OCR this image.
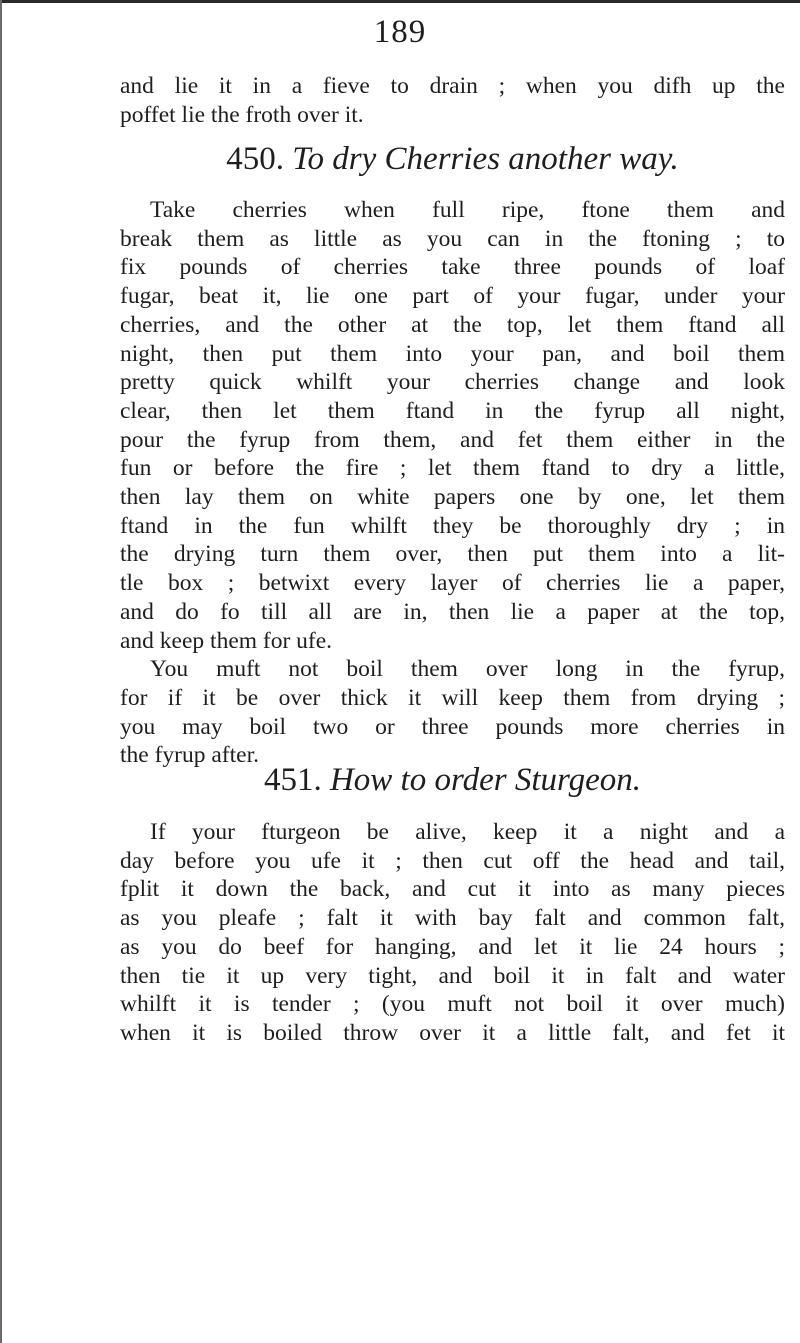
189
and lie it in a fieve to drain ; when you difh up the
poffet lie the froth over it.
450. To dry Cherries another way.
Take cherries when full ripe, ftone them and
break them as little as you can in the ftoning ; to
fix pounds of cherries take three pounds of loaf
fugar, beat it, lie one part of your fugar, under your
cherries, and the other at the top, let them ftand all
night, then put them into your pan, and boil them
pretty quick whilft your cherries change and look
clear, then let them ftand in the fyrup all night,
pour the fyrup from them, and fet them either in the
fun or before the fire ; let them ftand to dry a little,
then lay them on white papers one by one, let them
ftand in the fun whilft they be thoroughly dry ; in
the drying turn them over, then put them into a lit-
tle box ; betwixt every layer of cherries lie a paper,
and do fo till all are in, then lie a paper at the top,
and keep them for ufe.
You muft not boil them over long in the fyrup,
for if it be over thick it will keep them from drying ;
you may boil two or three pounds more cherries in
the fyrup after.
451. How to order Sturgeon.
If your fturgeon be alive, keep it a night and a
day before you ufe it ; then cut off the head and tail,
fplit it down the back, and cut it into as many pieces
as you pleafe ; falt it with bay falt and common falt,
as you do beef for hanging, and let it lie 24 hours ;
then tie it up very tight, and boil it in falt and water
whilft it is tender ; (you muft not boil it over much)
when it is boiled throw over it a little falt, and fet it
